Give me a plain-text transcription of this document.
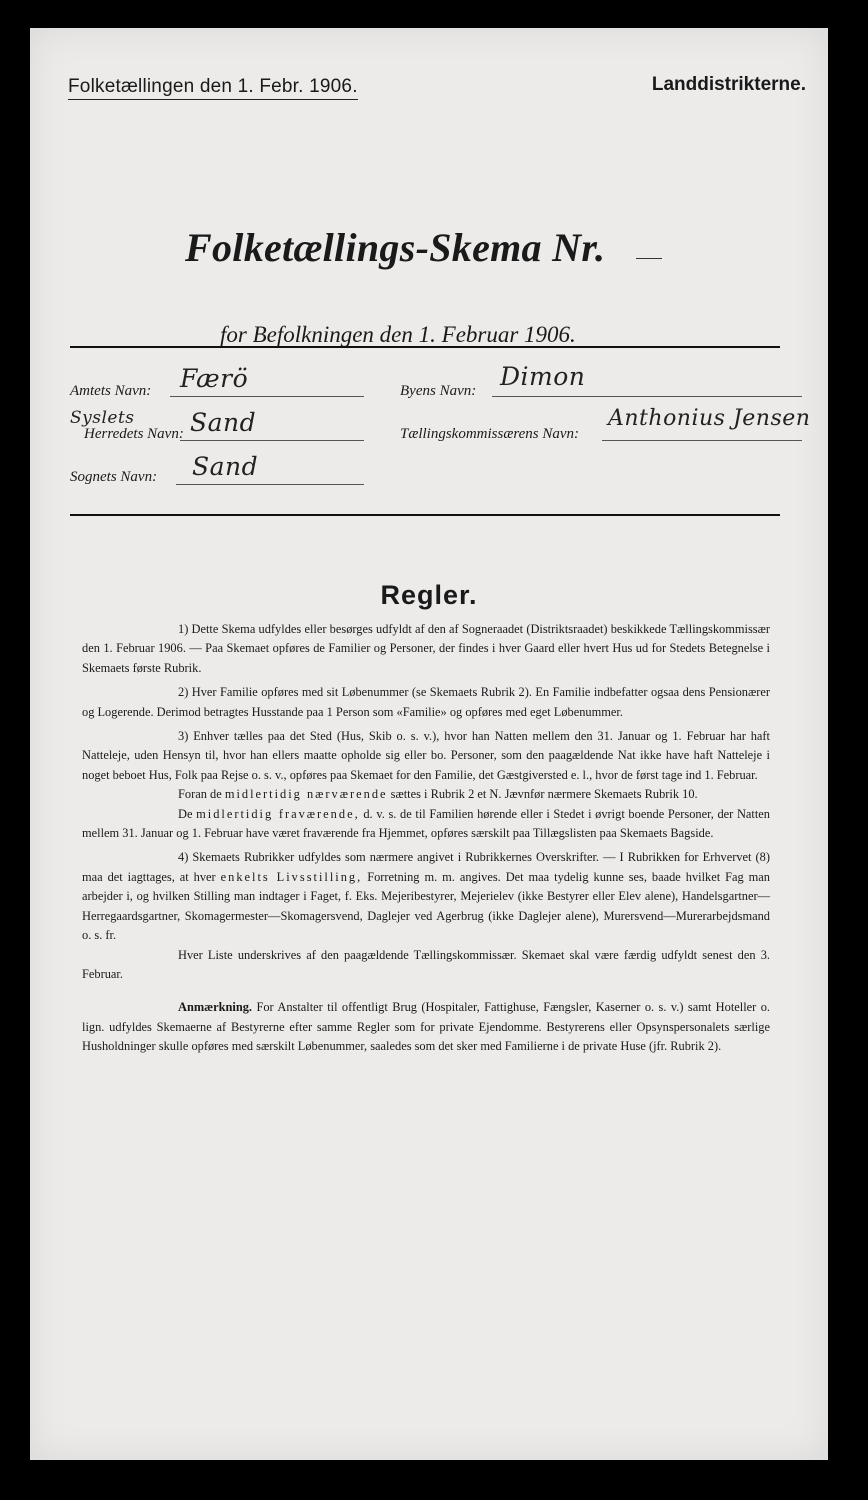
Folketællingen den 1. Febr. 1906.	Landdistrikterne.
Folketællings-Skema Nr.
for Befolkningen den 1. Februar 1906.
Amtets Navn: Færö
Syslets
Herredets Navn: Sand
Sognets Navn: Sand
Byens Navn: Dimon
Tællingskommissærens Navn:
Anthonius Jensen
Regler.

1) Dette Skema udfyldes eller besørges udfyldt af den af Sogneraadet (Distriktsraadet) beskikkede Tællingskommissær den 1. Februar 1906. — Paa Skemaet opføres de Familier og Personer, der findes i hver Gaard eller hvert Hus ud for Stedets Betegnelse i Skemaets første Rubrik.

2) Hver Familie opføres med sit Løbenummer (se Skemaets Rubrik 2). En Familie indbefatter ogsaa dens Pensionærer og Logerende. Derimod betragtes Husstande paa 1 Person som «Familie» og opføres med eget Løbenummer.

3) Enhver tælles paa det Sted (Hus, Skib o. s. v.), hvor han Natten mellem den 31. Januar og 1. Februar har haft Natteleje, uden Hensyn til, hvor han ellers maatte opholde sig eller bo. Personer, som den paagældende Nat ikke have haft Natteleje i noget beboet Hus, Folk paa Rejse o. s. v., opføres paa Skemaet for den Familie, det Gæstgiversted e. l., hvor de først tage ind 1. Februar.

Foran de midlertidig nærværende sættes i Rubrik 2 et N. Jævnfør nærmere Skemaets Rubrik 10.

De midlertidig fraværende, d. v. s. de til Familien hørende eller i Stedet i øvrigt boende Personer, der Natten mellem 31. Januar og 1. Februar have været fraværende fra Hjemmet, opføres særskilt paa Tillægslisten paa Skemaets Bagside.

4) Skemaets Rubrikker udfyldes som nærmere angivet i Rubrikkernes Overskrifter. — I Rubrikken for Erhvervet (8) maa det iagttages, at hver enkelts Livsstilling, Forretning m. m. angives. Det maa tydelig kunne ses, baade hvilket Fag man arbejder i, og hvilken Stilling man indtager i Faget, f. Eks. Mejeribestyrer, Mejerielev (ikke Bestyrer eller Elev alene), Handelsgartner—Herregaardsgartner, Skomagermester—Skomagersvend, Daglejer ved Agerbrug (ikke Daglejer alene), Murersvend—Murerarbejdsmand o. s. fr.

Hver Liste underskrives af den paagældende Tællingskommissær. Skemaet skal være færdig udfyldt senest den 3. Februar.

Anmærkning. For Anstalter til offentligt Brug (Hospitaler, Fattighuse, Fængsler, Kaserner o. s. v.) samt Hoteller o. lign. udfyldes Skemaerne af Bestyrerne efter samme Regler som for private Ejendomme. Bestyrerens eller Opsynspersonalets særlige Husholdninger skulle opføres med særskilt Løbenummer, saaledes som det sker med Familierne i de private Huse (jfr. Rubrik 2).
